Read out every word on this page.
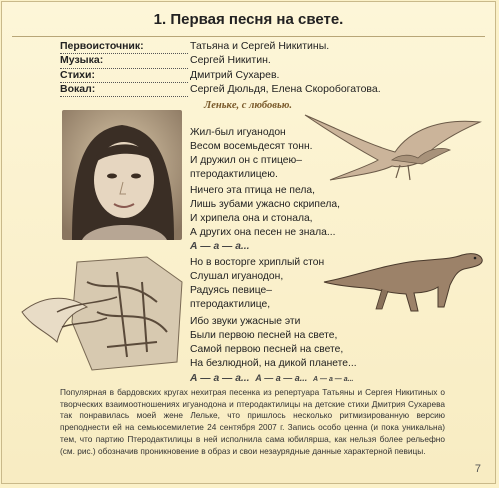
1. Первая песня на свете.
Первоисточник:	Татьяна и Сергей Никитины.
Музыка:	Сергей Никитин.
Стихи:	Дмитрий Сухарев.
Вокал:	Сергей Дюльдя, Елена Скоробогатова.
Ленькe, с любовью.
Жил-был игуанодон
Весом восемьдесят тонн.
И дружил он с птицею–
птеродактилицею.
Ничего эта птица не пела,
Лишь зубами ужасно скрипела,
И хрипела она и стонала,
А других она песен не знала...
А — а — а...
Но в восторге хриплый стон
Слушал игуанодон,
Радуясь певице–
птеродактилице,
Ибо звуки ужасные эти
Были первою песней на свете,
Самой первою песней на свете,
На безлюдной, на дикой планете...
А — а — а... А — а — а... А — а — а...
Популярная в бардовских кругах нехитрая песенка из репертуара Татьяны и Сергея Никитиных о творческих взаимоотношениях игуанодона и птеродактилицы на детские стихи Дмитрия Сухарева так понравилась моей жене Лельке, что пришлось несколько ритмизированную версию преподнести ей на семьюсемилетие 24 сентября 2007 г. Запись особо ценна (и пока уникальна) тем, что партию Птеродактилицы в ней исполнила сама юбилярша, как нельзя более рельефно (см. рис.) обозначив проникновение в образ и свои незаурядные данные характерной певицы.
7
